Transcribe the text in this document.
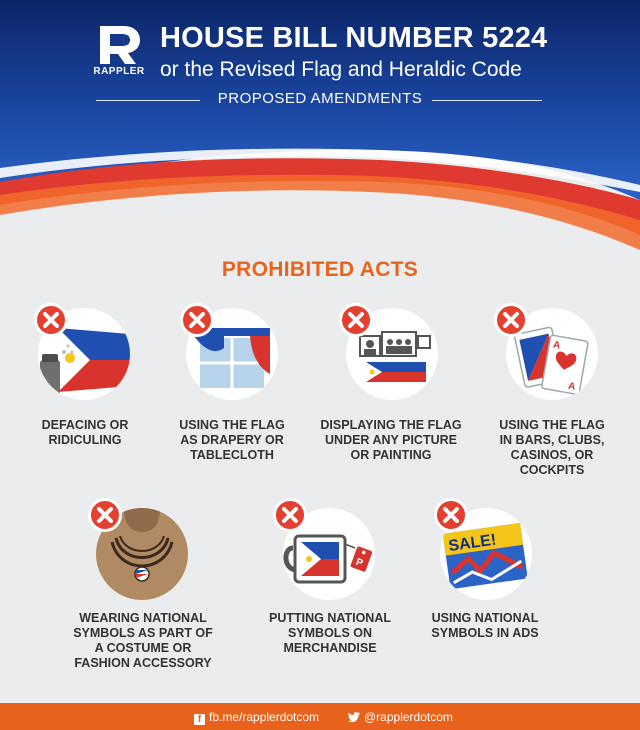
RAPPLER
HOUSE BILL NUMBER 5224
or the Revised Flag and Heraldic Code
PROPOSED AMENDMENTS
PROHIBITED ACTS
DEFACING OR
RIDICULING
USING THE FLAG
AS DRAPERY OR
TABLECLOTH
DISPLAYING THE FLAG
UNDER ANY PICTURE
OR PAINTING
A
A
USING THE FLAG
IN BARS, CLUBS,
CASINOS, OR
COCKPITS
WEARING NATIONAL
SYMBOLS AS PART OF
A COSTUME OR
FASHION ACCESSORY
P
PUTTING NATIONAL
SYMBOLS ON
MERCHANDISE
SALE!
USING NATIONAL
SYMBOLS IN ADS
f fb.me/rapplerdotcom	@rapplerdotcom
